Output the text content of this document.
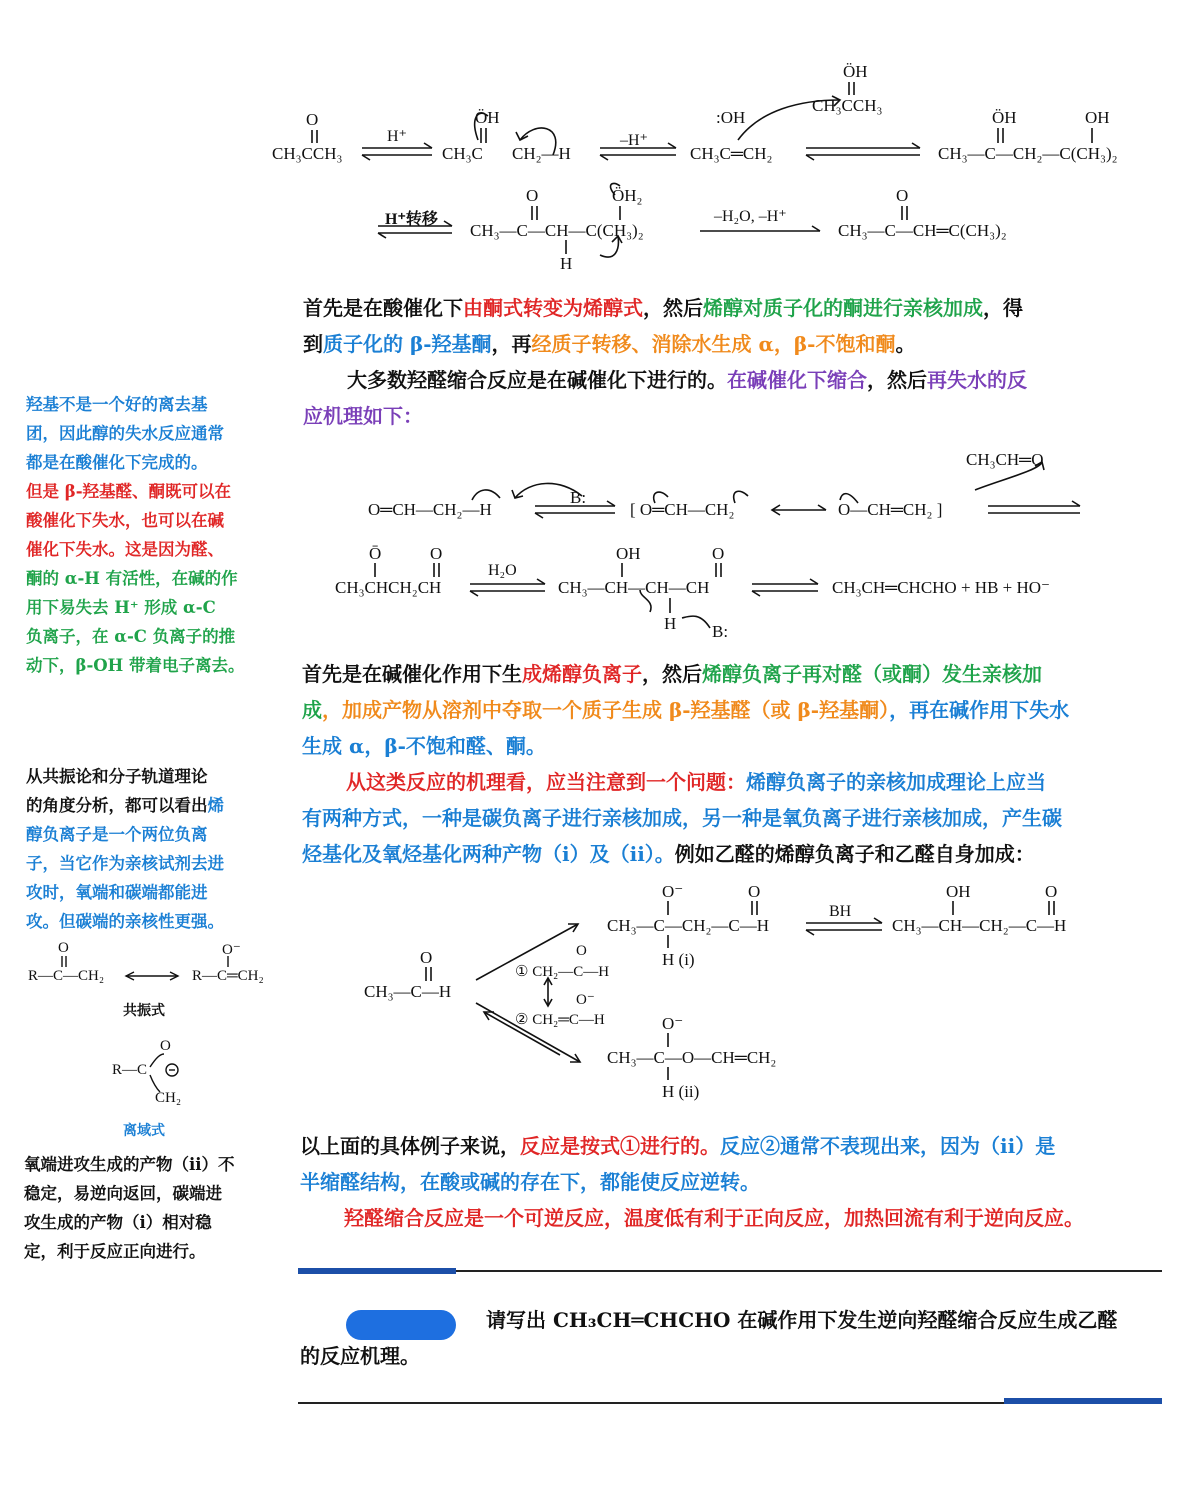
O
CH₃CCH₃
H⁺
ÖH
CH₃C CH₂—H
–H⁺
:OH
CH₃C═CH₂
ÖH
CH₃CCH₃
ÖH	OH
CH₃—C—CH₂—C(CH₃)₂
H⁺转移
O	ÖH₂
CH₃—C—CH—C(CH₃)₂
H
–H₂O, –H⁺
O
CH₃—C—CH═C(CH₃)₂
首先是在酸催化下由酮式转变为烯醇式，然后烯醇对质子化的酮进行亲核加成，得
到质子化的 β-羟基酮，再经质子转移、消除水生成 α，β-不饱和酮。
大多数羟醛缩合反应是在碱催化下进行的。在碱催化下缩合，然后再失水的反
应机理如下：
CH₃CH═O
O═CH—CH₂—H
B:
[ O═CH—CH₂	O—CH═CH₂ ]
Ō	O
CH₃CHCH₂CH
H₂O
OH	O
CH₃—CH—CH—CH
H B:
CH₃CH═CHCHO + HB + HO⁻
首先是在碱催化作用下生成烯醇负离子，然后烯醇负离子再对醛（或酮）发生亲核加
成，加成产物从溶剂中夺取一个质子生成 β-羟基醛（或 β-羟基酮），再在碱作用下失水
生成 α，β-不饱和醛、酮。
从这类反应的机理看，应当注意到一个问题：烯醇负离子的亲核加成理论上应当
有两种方式，一种是碳负离子进行亲核加成，另一种是氧负离子进行亲核加成，产生碳
烃基化及氧烃基化两种产物（i）及（ii）。例如乙醛的烯醇负离子和乙醛自身加成：
O
CH₃—C—H
O
① CH₂—C—H
O⁻
② CH₂═C—H
O⁻	O
CH₃—C—CH₂—C—H
H (i)
BH
OH	O
CH₃—CH—CH₂—C—H
O⁻
CH₃—C—O—CH═CH₂
H (ii)
以上面的具体例子来说，反应是按式①进行的。反应②通常不表现出来，因为（ii）是
半缩醛结构，在酸或碱的存在下，都能使反应逆转。
羟醛缩合反应是一个可逆反应，温度低有利于正向反应，加热回流有利于逆向反应。
羟基不是一个好的离去基
团，因此醇的失水反应通常
都是在酸催化下完成的。
但是 β-羟基醛、酮既可以在
酸催化下失水，也可以在碱
催化下失水。这是因为醛、
酮的 α-H 有活性，在碱的作
用下易失去 H⁺ 形成 α-C
负离子，在 α-C 负离子的推
动下，β-OH 带着电子离去。
从共振论和分子轨道理论
的角度分析，都可以看出烯
醇负离子是一个两位负离
子，当它作为亲核试剂去进
攻时，氧端和碳端都能进
攻。但碳端的亲核性更强。
O
R—C—CH₂
O⁻
R—C═CH₂
共振式
O
R—C
CH₂
离域式
氧端进攻生成的产物（ii）不
稳定，易逆向返回，碳端进
攻生成的产物（i）相对稳
定，利于反应正向进行。
请写出 CH₃CH═CHCHO 在碱作用下发生逆向羟醛缩合反应生成乙醛
的反应机理。
